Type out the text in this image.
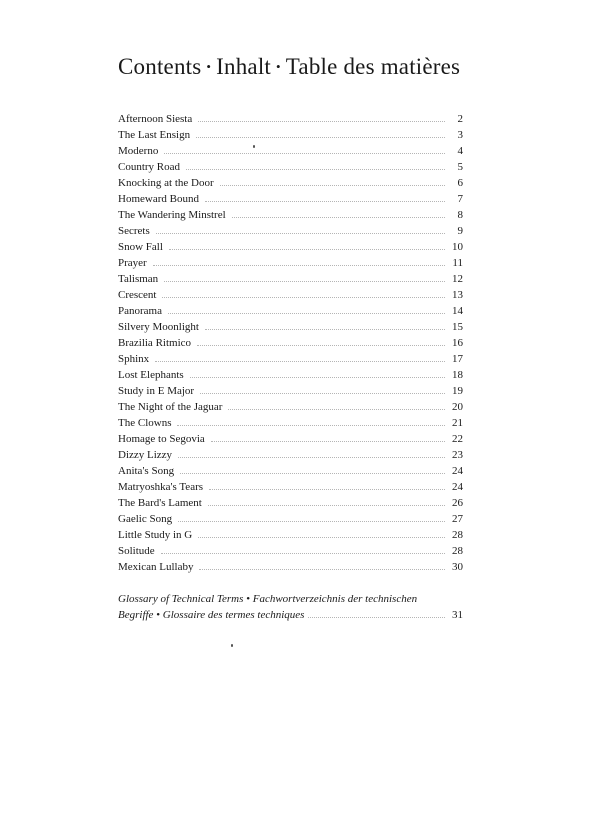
Contents • Inhalt • Table des matières
Afternoon Siesta	2
The Last Ensign	3
Moderno	4
Country Road	5
Knocking at the Door	6
Homeward Bound	7
The Wandering Minstrel	8
Secrets	9
Snow Fall	10
Prayer	11
Talisman	12
Crescent	13
Panorama	14
Silvery Moonlight	15
Brazilia Ritmico	16
Sphinx	17
Lost Elephants	18
Study in E Major	19
The Night of the Jaguar	20
The Clowns	21
Homage to Segovia	22
Dizzy Lizzy	23
Anita's Song	24
Matryoshka's Tears	24
The Bard's Lament	26
Gaelic Song	27
Little Study in G	28
Solitude	28
Mexican Lullaby	30
Glossary of Technical Terms • Fachwortverzeichnis der technischen
Begriffe • Glossaire des termes techniques	31
